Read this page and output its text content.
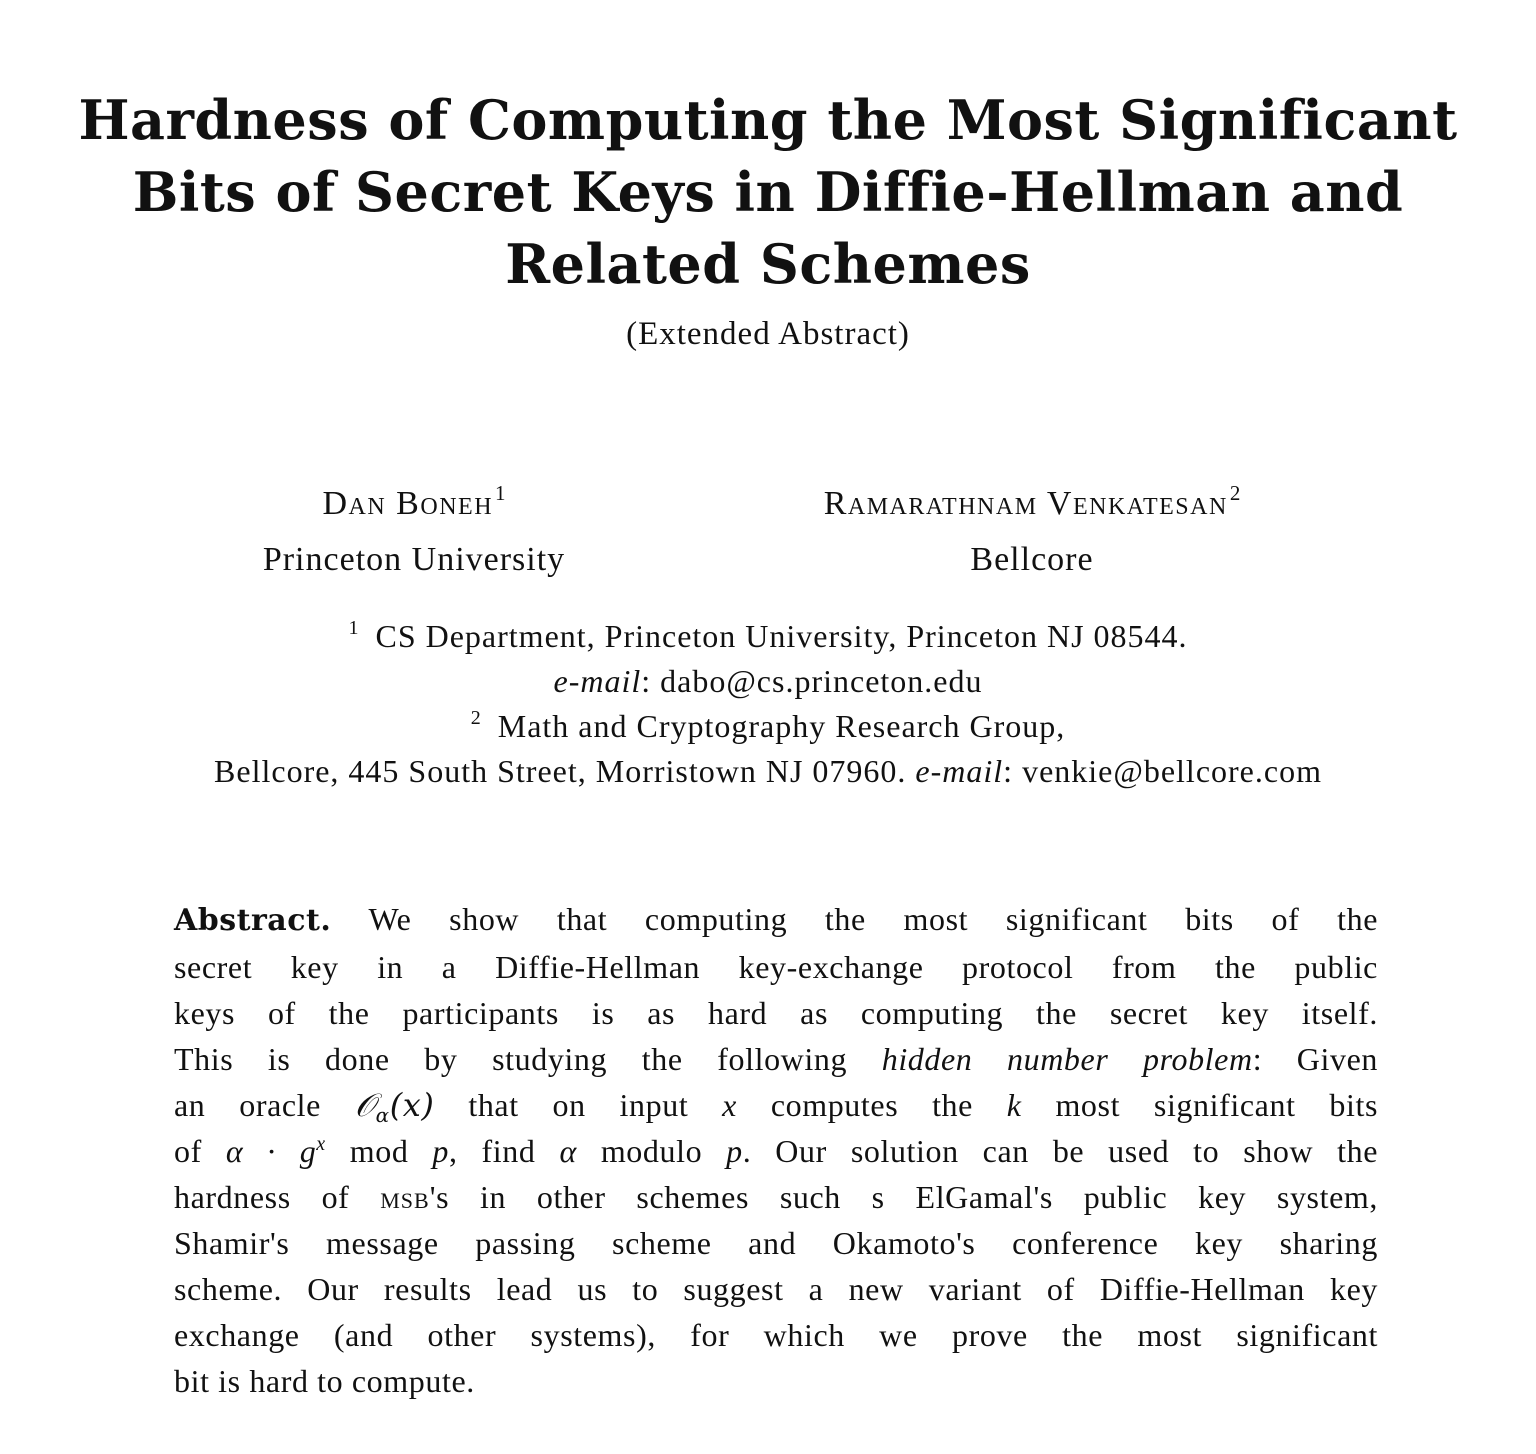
Hardness of Computing the Most Significant
Bits of Secret Keys in Diffie-Hellman and
Related Schemes
(Extended Abstract)
Dan Boneh$^1$
Princeton University
Ramarathnam Venkatesan$^2$
Bellcore
$^1$ CS Department, Princeton University, Princeton NJ 08544.
e-mail: dabo@cs.princeton.edu
$^2$ Math and Cryptography Research Group,
Bellcore, 445 South Street, Morristown NJ 07960. e-mail: venkie@bellcore.com
Abstract. We show that computing the most significant bits of the
secret key in a Diffie-Hellman key-exchange protocol from the public
keys of the participants is as hard as computing the secret key itself.
This is done by studying the following hidden number problem: Given
an oracle 𝒪$_\alpha$(x) that on input x computes the k most significant bits
of $\alpha \cdot g^x$ mod p, find α modulo p. Our solution can be used to show the
hardness of msb's in other schemes such s ElGamal's public key system,
Shamir's message passing scheme and Okamoto's conference key sharing
scheme. Our results lead us to suggest a new variant of Diffie-Hellman key
exchange (and other systems), for which we prove the most significant
bit is hard to compute.
